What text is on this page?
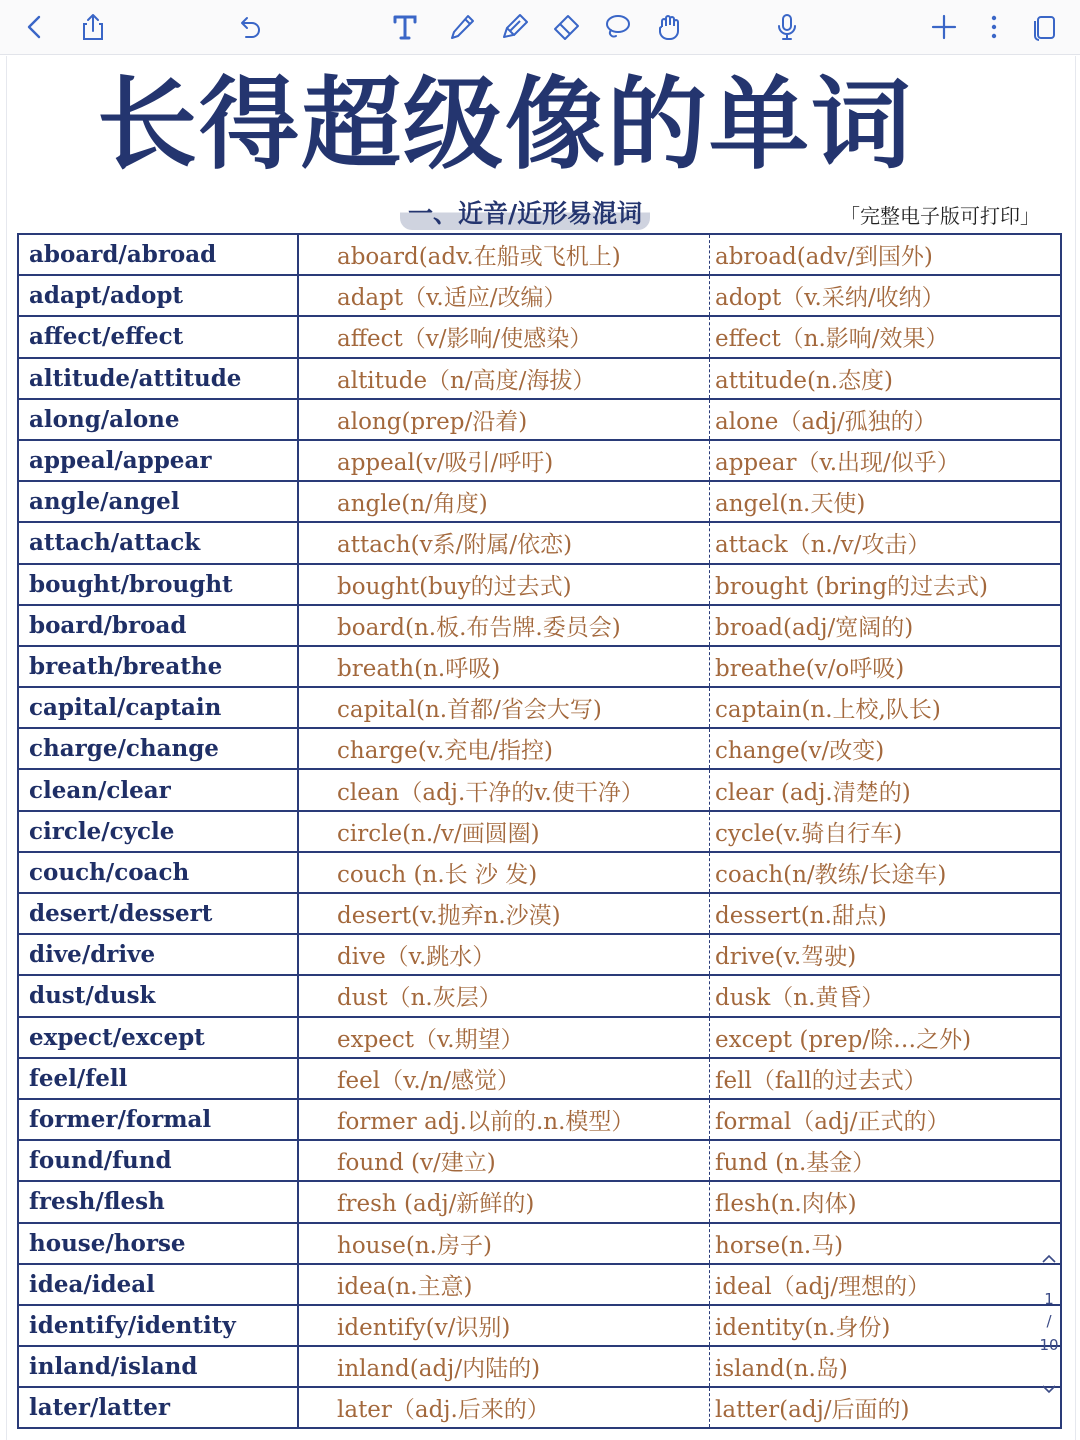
长得超级像的单词
一、近音/近形易混词	「完整电子版可打印」
aboard/abroad	aboard(adv.在船或飞机上)	abroad(adv/到国外)
adapt/adopt	adapt（v.适应/改编）	adopt（v.采纳/收纳）
affect/effect	affect（v/影响/使感染）	effect（n.影响/效果）
altitude/attitude	altitude（n/高度/海拔）	attitude(n.态度)
along/alone	along(prep/沿着)	alone（adj/孤独的）
appeal/appear	appeal(v/吸引/呼吁)	appear（v.出现/似乎）
angle/angel	angle(n/角度)	angel(n.天使)
attach/attack	attach(v系/附属/依恋)	attack（n./v/攻击）
bought/brought	bought(buy的过去式)	brought (bring的过去式)
board/broad	board(n.板.布告牌.委员会)	broad(adj/宽阔的)
breath/breathe	breath(n.呼吸)	breathe(v/o呼吸)
capital/captain	capital(n.首都/省会大写)	captain(n.上校,队长)
charge/change	charge(v.充电/指控)	change(v/改变)
clean/clear	clean（adj.干净的v.使干净）	clear (adj.清楚的)
circle/cycle	circle(n./v/画圆圈)	cycle(v.骑自行车)
couch/coach	couch (n.长 沙 发)	coach(n/教练/长途车)
desert/dessert	desert(v.抛弃n.沙漠)	dessert(n.甜点)
dive/drive	dive（v.跳水）	drive(v.驾驶)
dust/dusk	dust（n.灰层）	dusk（n.黄昏）
expect/except	expect（v.期望）	except (prep/除…之外)
feel/fell	feel（v./n/感觉）	fell（fall的过去式）
former/formal	former adj.以前的.n.模型）	formal（adj/正式的）
found/fund	found (v/建立)	fund (n.基金）
fresh/flesh	fresh (adj/新鲜的)	flesh(n.肉体)
house/horse	house(n.房子)	horse(n.马)
idea/ideal	idea(n.主意)	ideal（adj/理想的）
identify/identity	identify(v/识别)	identity(n.身份)
inland/island	inland(adj/内陆的)	island(n.岛)
later/latter	later（adj.后来的）	latter(adj/后面的)
1
/
10
